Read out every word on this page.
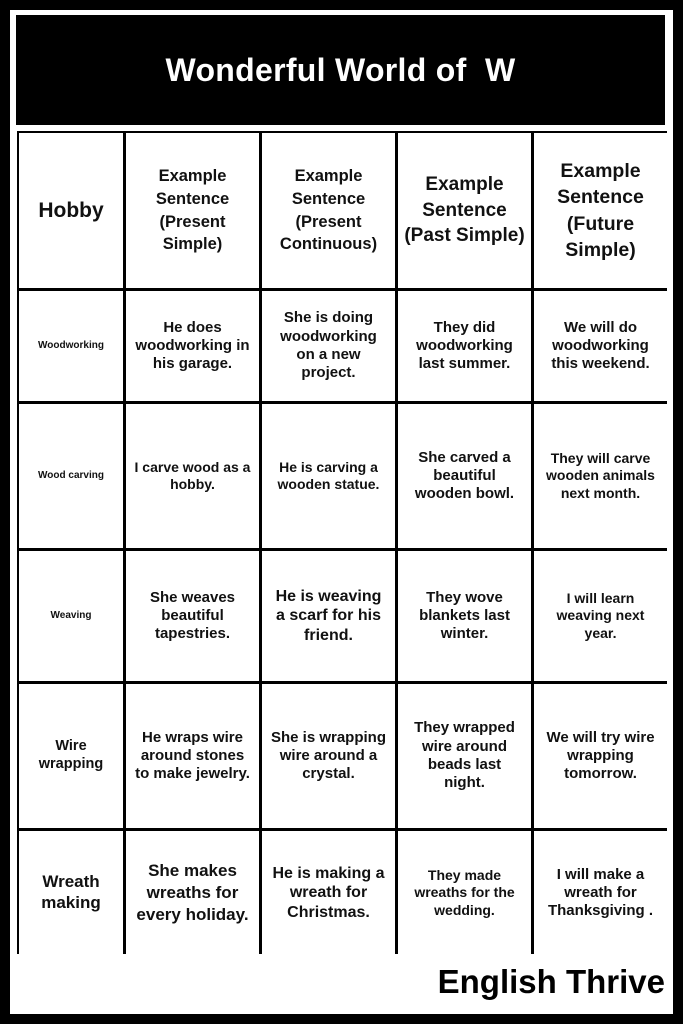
Wonderful World of  W
Hobby
Example Sentence (Present Simple)
Example Sentence (Present Continuous)
Example Sentence (Past Simple)
Example Sentence (Future Simple)
Woodworking
He does woodworking in his garage.
She is doing woodworking on a new project.
They did woodworking last summer.
We will do woodworking this weekend.
Wood carving
I carve wood as a hobby.
He is carving a wooden statue.
She carved a beautiful wooden bowl.
They will carve wooden animals next month.
Weaving
She weaves beautiful tapestries.
He is weaving a scarf for his friend.
They wove blankets last winter.
I will learn weaving next year.
Wire wrapping
He wraps wire around stones to make jewelry.
She is wrapping wire around a crystal.
They wrapped wire around beads last night.
We will try wire wrapping tomorrow.
Wreath making
She makes wreaths for every holiday.
He is making a wreath for Christmas.
They made wreaths for the wedding.
I will make a wreath for Thanksgiving .
English Thrive
